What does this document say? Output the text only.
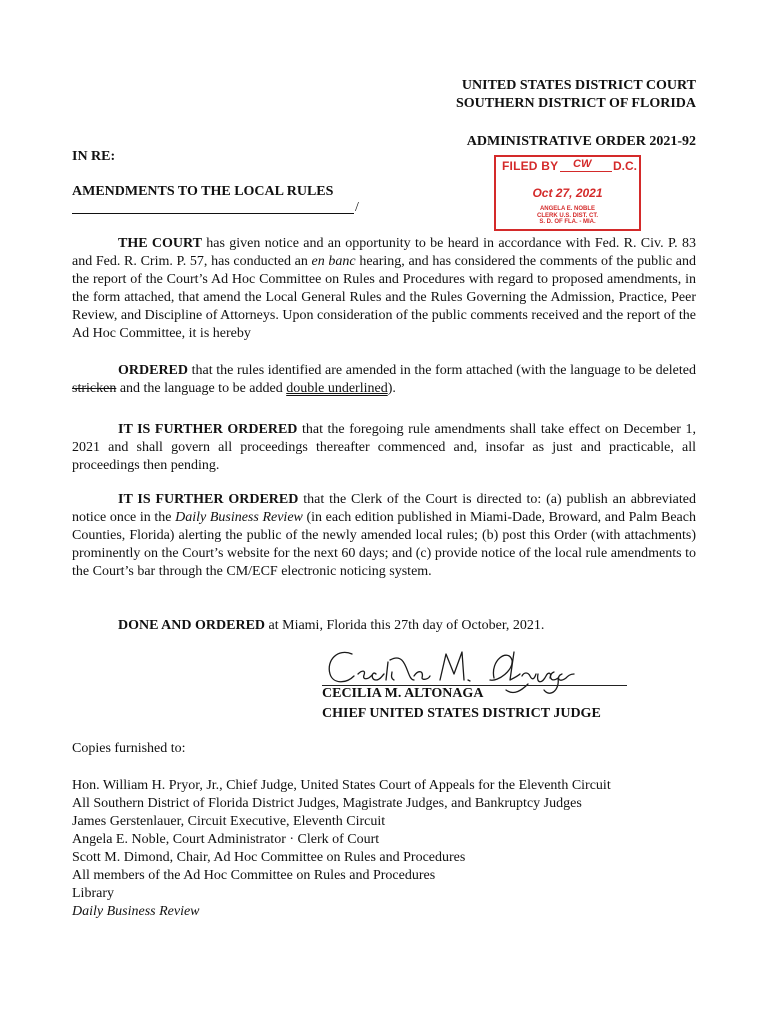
UNITED STATES DISTRICT COURT
SOUTHERN DISTRICT OF FLORIDA
ADMINISTRATIVE ORDER 2021-92
IN RE:
AMENDMENTS TO THE LOCAL RULES
/
FILED BY CW D.C.
Oct 27, 2021
ANGELA E. NOBLE
CLERK U.S. DIST. CT.
S. D. OF FLA. - MIA.

THE COURT has given notice and an opportunity to be heard in accordance with Fed. R. Civ. P. 83 and Fed. R. Crim. P. 57, has conducted an en banc hearing, and has considered the comments of the public and the report of the Court’s Ad Hoc Committee on Rules and Procedures with regard to proposed amendments, in the form attached, that amend the Local General Rules and the Rules Governing the Admission, Practice, Peer Review, and Discipline of Attorneys. Upon consideration of the public comments received and the report of the Ad Hoc Committee, it is hereby

ORDERED that the rules identified are amended in the form attached (with the language to be deleted stricken and the language to be added double underlined).

IT IS FURTHER ORDERED that the foregoing rule amendments shall take effect on December 1, 2021 and shall govern all proceedings thereafter commenced and, insofar as just and practicable, all proceedings then pending.

IT IS FURTHER ORDERED that the Clerk of the Court is directed to: (a) publish an abbreviated notice once in the Daily Business Review (in each edition published in Miami-Dade, Broward, and Palm Beach Counties, Florida) alerting the public of the newly amended local rules; (b) post this Order (with attachments) prominently on the Court’s website for the next 60 days; and (c) provide notice of the local rule amendments to the Court’s bar through the CM/ECF electronic noticing system.

DONE AND ORDERED at Miami, Florida this 27th day of October, 2021.

CECILIA M. ALTONAGA
CHIEF UNITED STATES DISTRICT JUDGE
Copies furnished to:
Hon. William H. Pryor, Jr., Chief Judge, United States Court of Appeals for the Eleventh Circuit
All Southern District of Florida District Judges, Magistrate Judges, and Bankruptcy Judges
James Gerstenlauer, Circuit Executive, Eleventh Circuit
Angela E. Noble, Court Administrator · Clerk of Court
Scott M. Dimond, Chair, Ad Hoc Committee on Rules and Procedures
All members of the Ad Hoc Committee on Rules and Procedures
Library
Daily Business Review
